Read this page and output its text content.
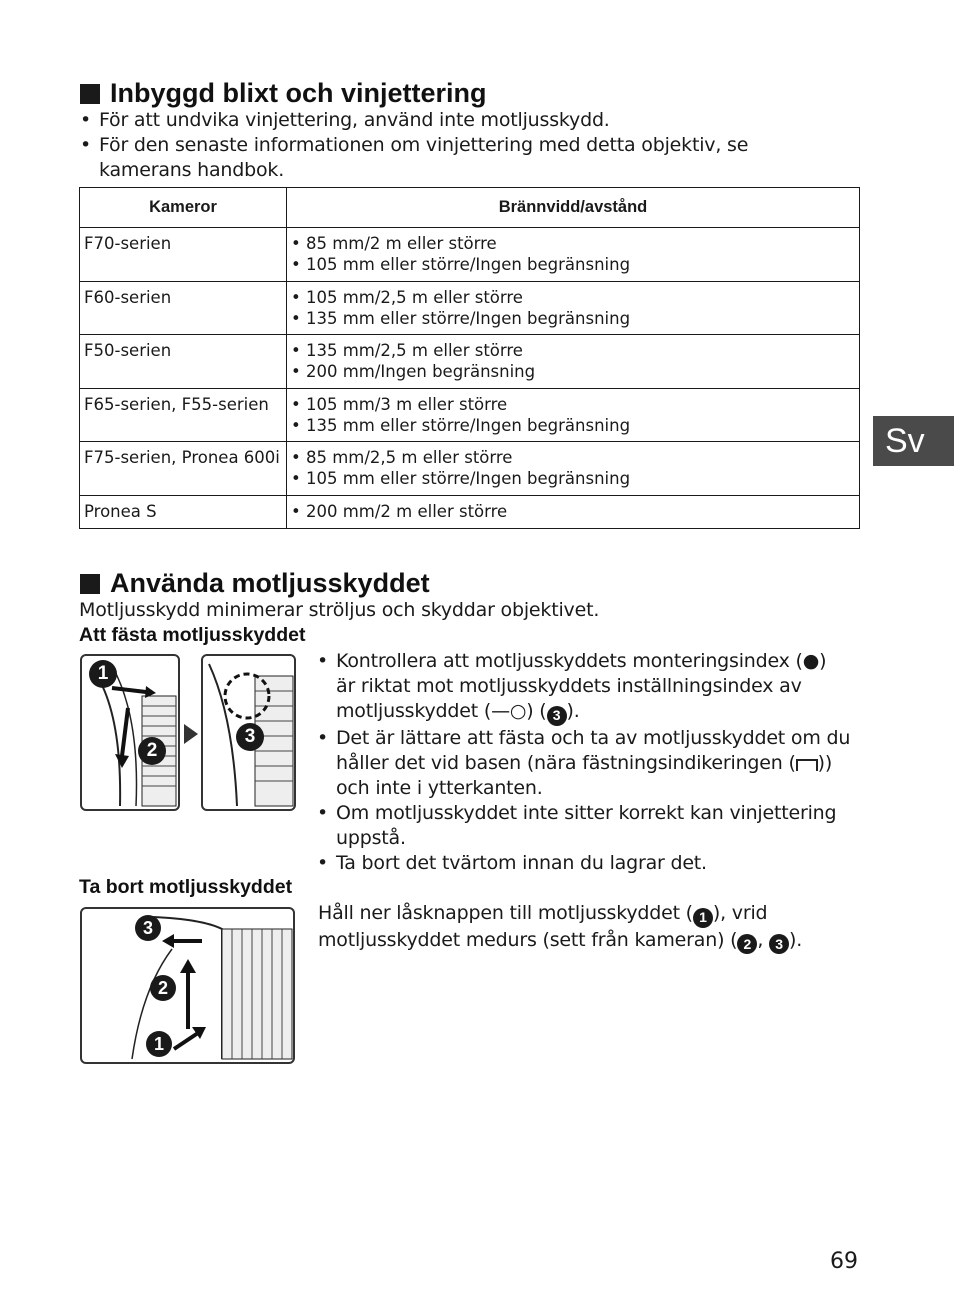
Inbyggd blixt och vinjettering
• För att undvika vinjettering, använd inte motljusskydd.
• För den senaste informationen om vinjettering med detta objektiv, se kamerans handbok.
Kameror	Brännvidd/avstånd
F70-serien	• 85 mm/2 m eller större
• 105 mm eller större/Ingen begränsning

F60-serien	• 105 mm/2,5 m eller större
• 135 mm eller större/Ingen begränsning

F50-serien	• 135 mm/2,5 m eller större
• 200 mm/Ingen begränsning

F65-serien, F55-serien	• 105 mm/3 m eller större
• 135 mm eller större/Ingen begränsning

F75-serien, Pronea 600i	• 85 mm/2,5 m eller större
• 105 mm eller större/Ingen begränsning

Pronea S	• 200 mm/2 m eller större
Sv
Använda motljusskyddet
Motljusskydd minimerar ströljus och skyddar objektivet.
Att fästa motljusskyddet
1
2
3
• Kontrollera att motljusskyddets monteringsindex (●)
är riktat mot motljusskyddets inställningsindex av
motljusskyddet (—○) ( 3 ).
• Det är lättare att fästa och ta av motljusskyddet om du
håller det vid basen (nära fästningsindikeringen ( ))
och inte i ytterkanten.
• Om motljusskyddet inte sitter korrekt kan vinjettering
uppstå.
• Ta bort det tvärtom innan du lagrar det.
Ta bort motljusskyddet
3
2
1
Håll ner låsknappen till motljusskyddet ( 1 ), vrid
motljusskyddet medurs (sett från kameran) ( 2 , 3 ).
69
